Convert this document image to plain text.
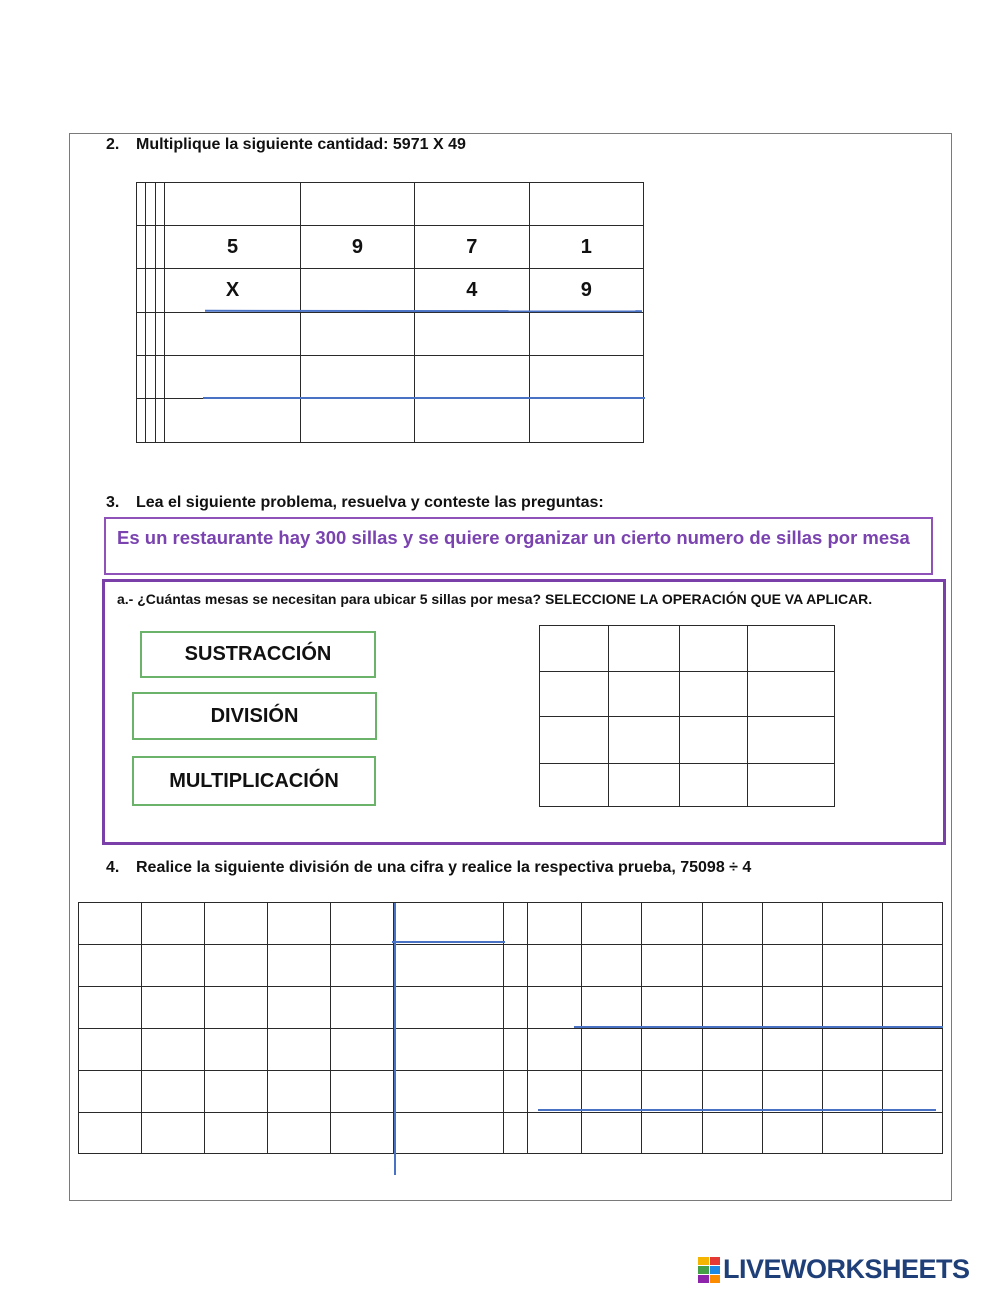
2. Multiplique la siguiente cantidad: 5971 X 49

			5	9	7	1
			X		4	9

3. Lea el siguiente problema, resuelva y conteste las preguntas:
Es un restaurante hay 300 sillas y se quiere organizar un cierto numero de sillas por mesa
a.- ¿Cuántas mesas se necesitan para ubicar 5 sillas por mesa? SELECCIONE LA OPERACIÓN QUE VA APLICAR.
SUSTRACCIÓN
DIVISIÓN
MULTIPLICACIÓN

4. Realice la siguiente división de una cifra y realice la respectiva prueba, 75098 ÷ 4

LIVEWORKSHEETS
